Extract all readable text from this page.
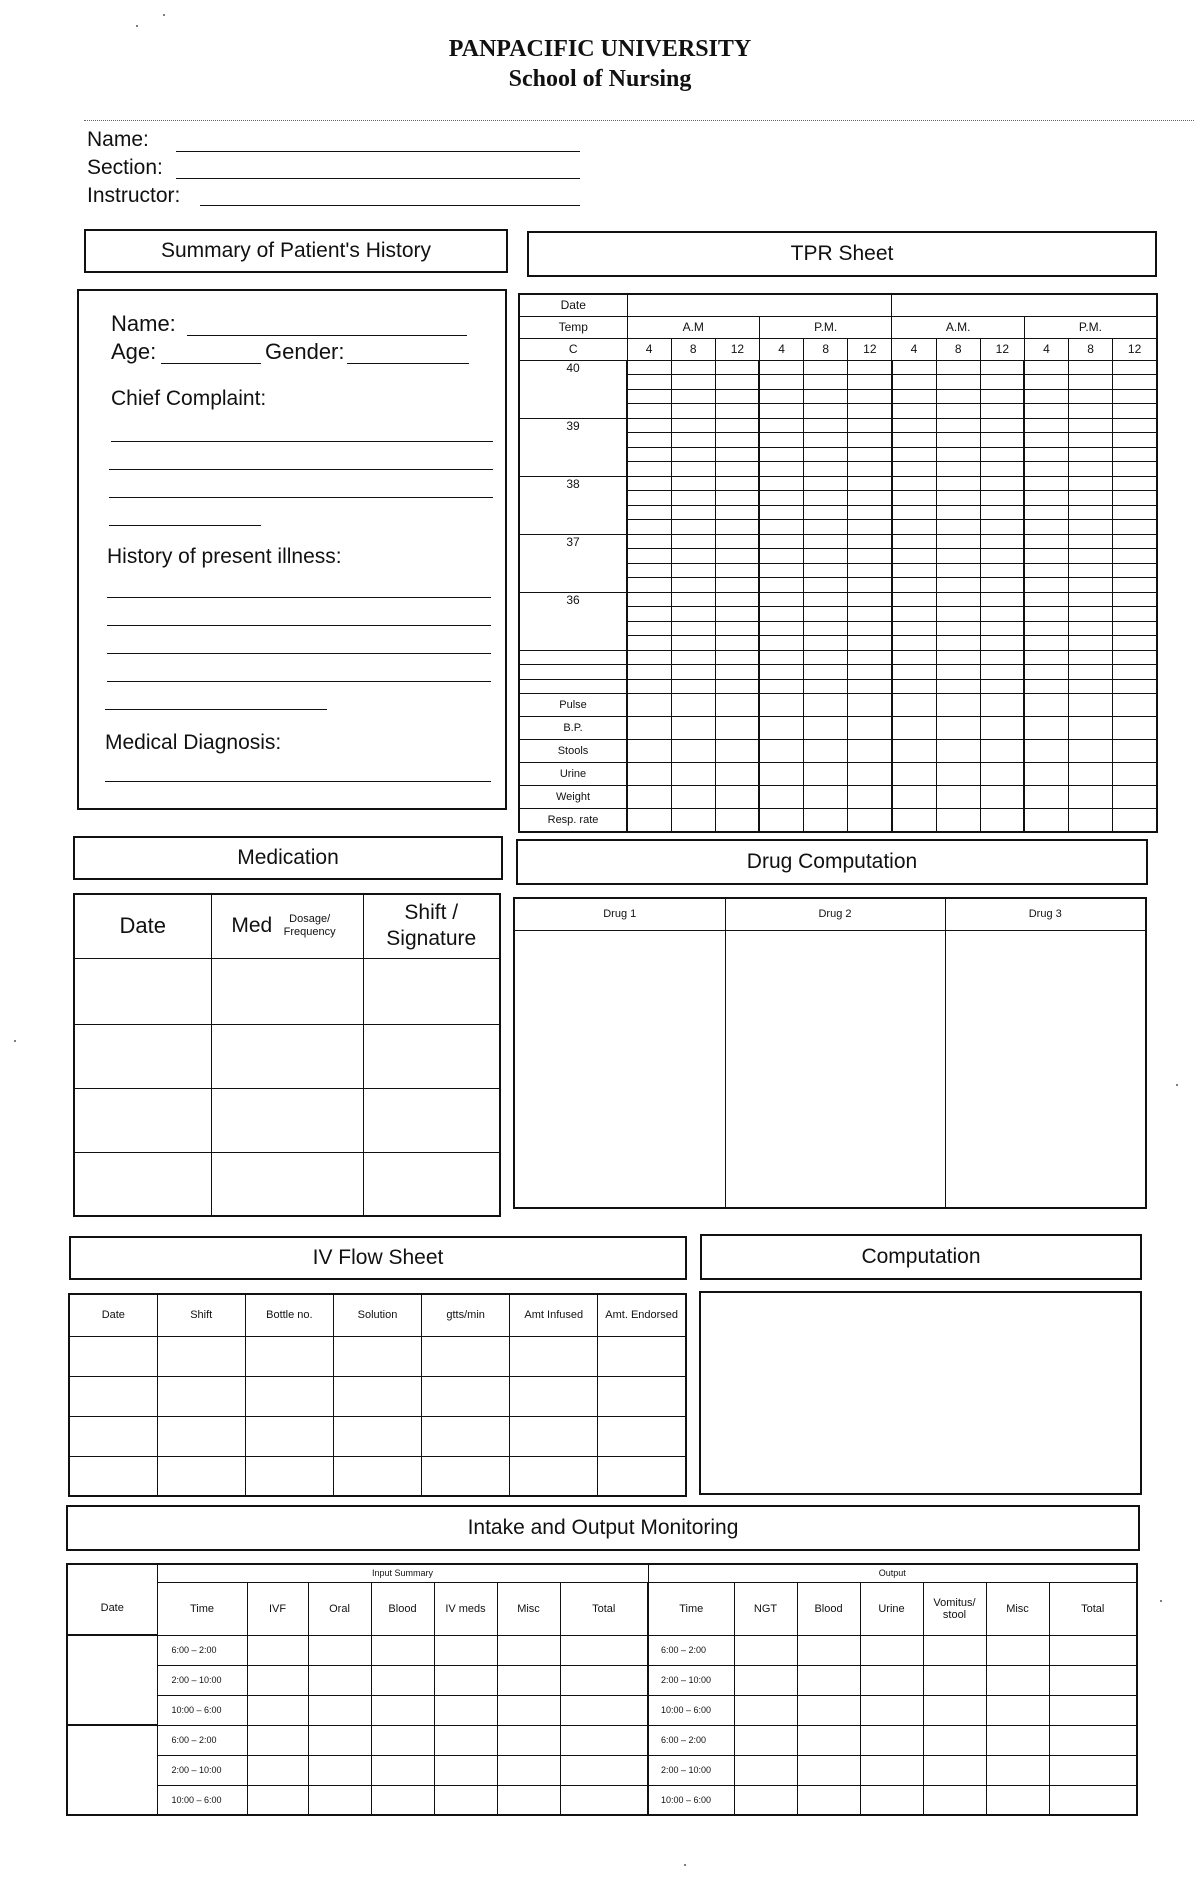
PANPACIFIC UNIVERSITY
School of Nursing
Name:
Section:
Instructor:
Summary of Patient's History
Name:
Age:	Gender:
Chief Complaint:
History of present illness:
Medical Diagnosis:
TPR Sheet
Date												
Temp	A.M			P.M.			A.M.			P.M.		
C	4	8	12	4	8	12	4	8	12	4	8	12
40												

39												

38												

37												

36												

Pulse												
B.P.												
Stools												
Urine												
Weight												
Resp. rate												
Medication
Date	Med Dosage/ Frequency	Shift / Signature

Drug Computation
Drug 1	Drug 2	Drug 3

IV Flow Sheet
Date	Shift	Bottle no.	Solution	gtts/min	Amt Infused	Amt. Endorsed

Computation
Intake and Output Monitoring
	Input Summary							Output						
Date	Time	IVF	Oral	Blood	IV meds	Misc	Total	Time	NGT	Blood	Urine	Vomitus/ stool	Misc	Total
	6:00 – 2:00							6:00 – 2:00						
	2:00 – 10:00							2:00 – 10:00						
	10:00 – 6:00							10:00 – 6:00						
	6:00 – 2:00							6:00 – 2:00						
	2:00 – 10:00							2:00 – 10:00						
	10:00 – 6:00							10:00 – 6:00						
